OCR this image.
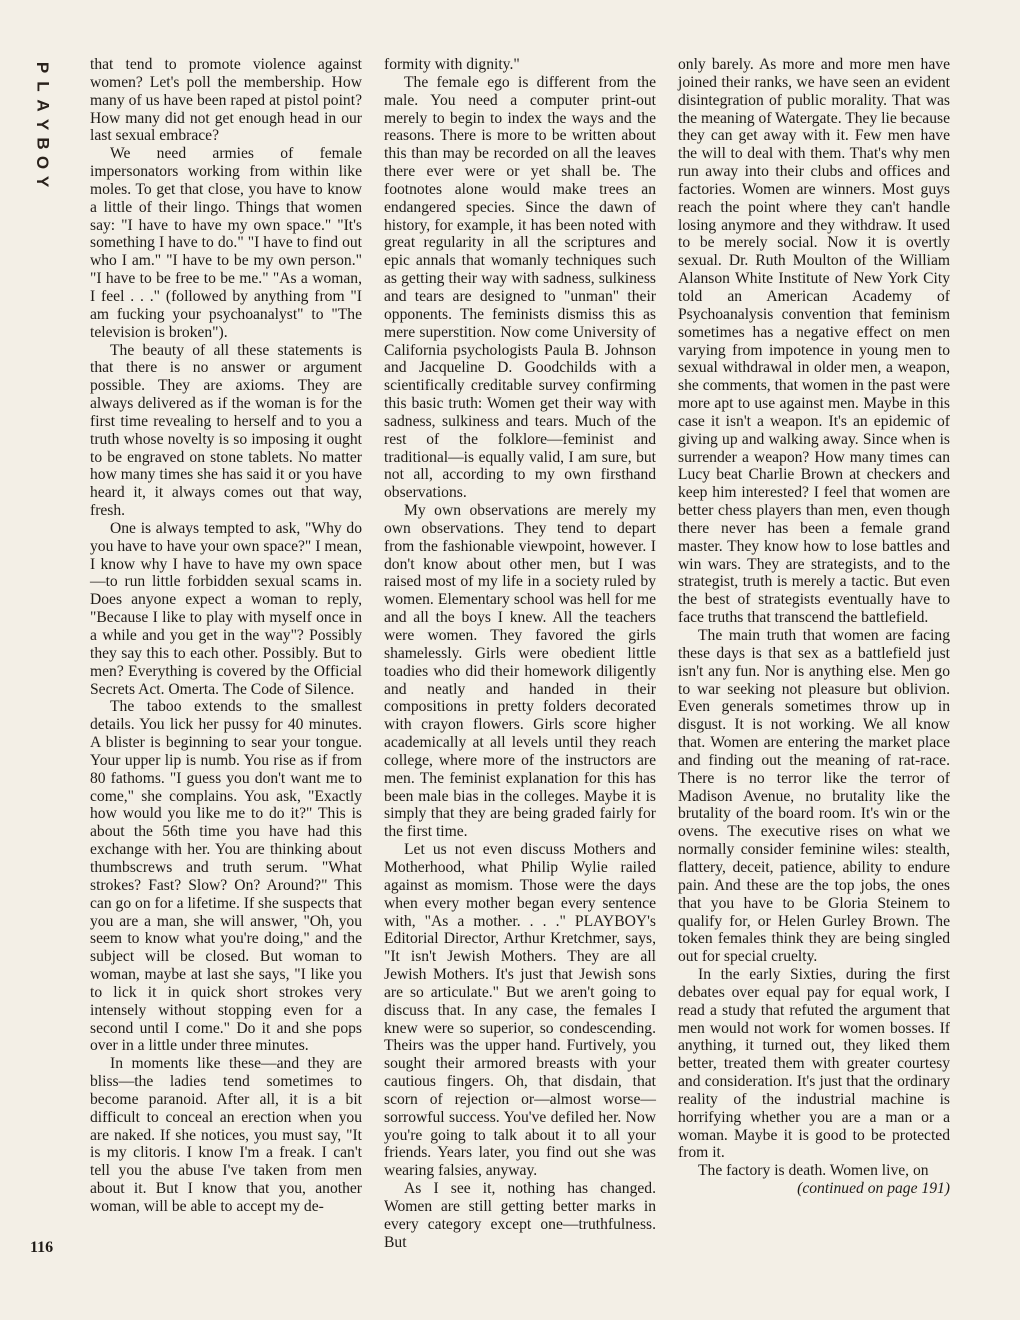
P
L
A
Y
B
O
Y

that tend to promote violence against women? Let's poll the membership. How many of us have been raped at pistol point? How many did not get enough head in our last sexual embrace?

We need armies of female impersonators working from within like moles. To get that close, you have to know a little of their lingo. Things that women say: "I have to have my own space." "It's something I have to do." "I have to find out who I am." "I have to be my own person." "I have to be free to be me." "As a woman, I feel . . ." (followed by anything from "I am fucking your psychoanalyst" to "The television is broken").

The beauty of all these statements is that there is no answer or argument possible. They are axioms. They are always delivered as if the woman is for the first time revealing to herself and to you a truth whose novelty is so imposing it ought to be engraved on stone tablets. No matter how many times she has said it or you have heard it, it always comes out that way, fresh.

One is always tempted to ask, "Why do you have to have your own space?" I mean, I know why I have to have my own space—to run little forbidden sexual scams in. Does anyone expect a woman to reply, "Because I like to play with myself once in a while and you get in the way"? Possibly they say this to each other. Possibly. But to men? Everything is covered by the Official Secrets Act. Omerta. The Code of Silence.

The taboo extends to the smallest details. You lick her pussy for 40 minutes. A blister is beginning to sear your tongue. Your upper lip is numb. You rise as if from 80 fathoms. "I guess you don't want me to come," she complains. You ask, "Exactly how would you like me to do it?" This is about the 56th time you have had this exchange with her. You are thinking about thumbscrews and truth serum. "What strokes? Fast? Slow? On? Around?" This can go on for a lifetime. If she suspects that you are a man, she will answer, "Oh, you seem to know what you're doing," and the subject will be closed. But woman to woman, maybe at last she says, "I like you to lick it in quick short strokes very intensely without stopping even for a second until I come." Do it and she pops over in a little under three minutes.

In moments like these—and they are bliss—the ladies tend sometimes to become paranoid. After all, it is a bit difficult to conceal an erection when you are naked. If she notices, you must say, "It is my clitoris. I know I'm a freak. I can't tell you the abuse I've taken from men about it. But I know that you, another woman, will be able to accept my de-

formity with dignity."

The female ego is different from the male. You need a computer print-out merely to begin to index the ways and the reasons. There is more to be written about this than may be recorded on all the leaves there ever were or yet shall be. The footnotes alone would make trees an endangered species. Since the dawn of history, for example, it has been noted with great regularity in all the scriptures and epic annals that womanly techniques such as getting their way with sadness, sulkiness and tears are designed to "unman" their opponents. The feminists dismiss this as mere superstition. Now come University of California psychologists Paula B. Johnson and Jacqueline D. Goodchilds with a scientifically creditable survey confirming this basic truth: Women get their way with sadness, sulkiness and tears. Much of the rest of the folklore—feminist and traditional—is equally valid, I am sure, but not all, according to my own firsthand observations.

My own observations are merely my own observations. They tend to depart from the fashionable viewpoint, however. I don't know about other men, but I was raised most of my life in a society ruled by women. Elementary school was hell for me and all the boys I knew. All the teachers were women. They favored the girls shamelessly. Girls were obedient little toadies who did their homework diligently and neatly and handed in their compositions in pretty folders decorated with crayon flowers. Girls score higher academically at all levels until they reach college, where more of the instructors are men. The feminist explanation for this has been male bias in the colleges. Maybe it is simply that they are being graded fairly for the first time.

Let us not even discuss Mothers and Motherhood, what Philip Wylie railed against as momism. Those were the days when every mother began every sentence with, "As a mother. . . ." PLAYBOY's Editorial Director, Arthur Kretchmer, says, "It isn't Jewish Mothers. They are all Jewish Mothers. It's just that Jewish sons are so articulate." But we aren't going to discuss that. In any case, the females I knew were so superior, so condescending. Theirs was the upper hand. Furtively, you sought their armored breasts with your cautious fingers. Oh, that disdain, that scorn of rejection or—almost worse—sorrowful success. You've defiled her. Now you're going to talk about it to all your friends. Years later, you find out she was wearing falsies, anyway.

As I see it, nothing has changed. Women are still getting better marks in every category except one—truthfulness. But

only barely. As more and more men have joined their ranks, we have seen an evident disintegration of public morality. That was the meaning of Watergate. They lie because they can get away with it. Few men have the will to deal with them. That's why men run away into their clubs and offices and factories. Women are winners. Most guys reach the point where they can't handle losing anymore and they withdraw. It used to be merely social. Now it is overtly sexual. Dr. Ruth Moulton of the William Alanson White Institute of New York City told an American Academy of Psychoanalysis convention that feminism sometimes has a negative effect on men varying from impotence in young men to sexual withdrawal in older men, a weapon, she comments, that women in the past were more apt to use against men. Maybe in this case it isn't a weapon. It's an epidemic of giving up and walking away. Since when is surrender a weapon? How many times can Lucy beat Charlie Brown at checkers and keep him interested? I feel that women are better chess players than men, even though there never has been a female grand master. They know how to lose battles and win wars. They are strategists, and to the strategist, truth is merely a tactic. But even the best of strategists eventually have to face truths that transcend the battlefield.

The main truth that women are facing these days is that sex as a battlefield just isn't any fun. Nor is anything else. Men go to war seeking not pleasure but oblivion. Even generals sometimes throw up in disgust. It is not working. We all know that. Women are entering the market place and finding out the meaning of rat-race. There is no terror like the terror of Madison Avenue, no brutality like the brutality of the board room. It's win or the ovens. The executive rises on what we normally consider feminine wiles: stealth, flattery, deceit, patience, ability to endure pain. And these are the top jobs, the ones that you have to be Gloria Steinem to qualify for, or Helen Gurley Brown. The token females think they are being singled out for special cruelty.

In the early Sixties, during the first debates over equal pay for equal work, I read a study that refuted the argument that men would not work for women bosses. If anything, it turned out, they liked them better, treated them with greater courtesy and consideration. It's just that the ordinary reality of the industrial machine is horrifying whether you are a man or a woman. Maybe it is good to be protected from it.

The factory is death. Women live, on

(continued on page 191)

116
